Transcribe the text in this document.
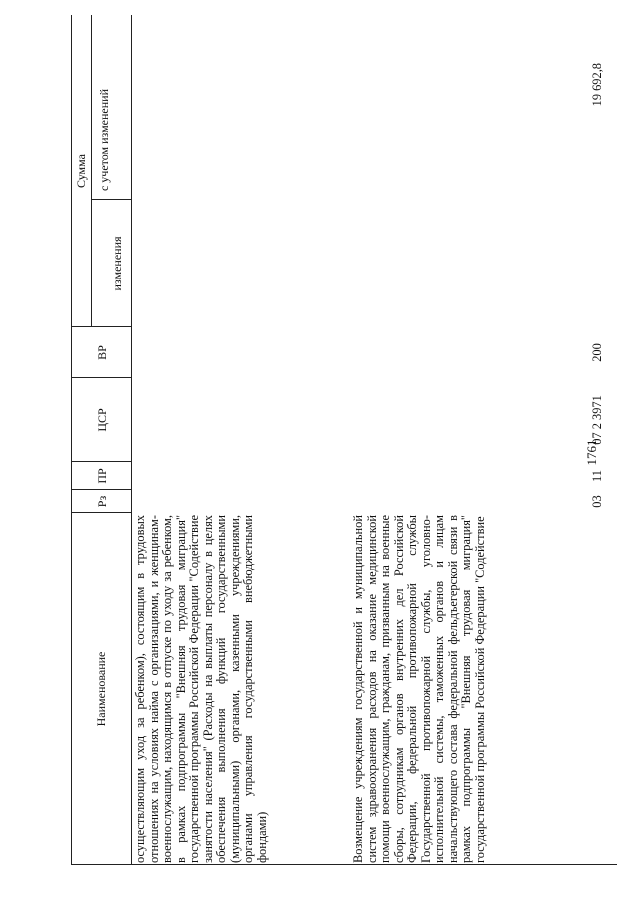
1761
Наименование
Рз
ПР
ЦСР
ВР
Сумма
изменения
с учетом изменений
осуществляющим уход за ребенком), состоящим в трудовых отношениях на условиях найма с организациями, и женщинам-военнослужащим, находящимся в отпуске по уходу за ребенком, в рамках подпрограммы "Внешняя трудовая миграция" государственной программы Российской Федерации "Содействие занятости населения" (Расходы на выплаты персоналу в целях обеспечения выполнения функций государственными (муниципальными) органами, казенными учреждениями, органами управления государственными внебюджетными фондами)	Возмещение учреждениям государственной и муниципальной систем здравоохранения расходов на оказание медицинской помощи военнослужащим, гражданам, призванным на военные сборы, сотрудникам органов внутренних дел Российской Федерации, федеральной противопожарной службы Государственной противопожарной службы, уголовно-исполнительной системы, таможенных органов и лицам начальствующего состава федеральной фельдъегерской связи в рамках подпрограммы "Внешняя трудовая миграция" государственной программы Российской Федерации "Содействие
03
11
07 2 3971
200
19 692,8
